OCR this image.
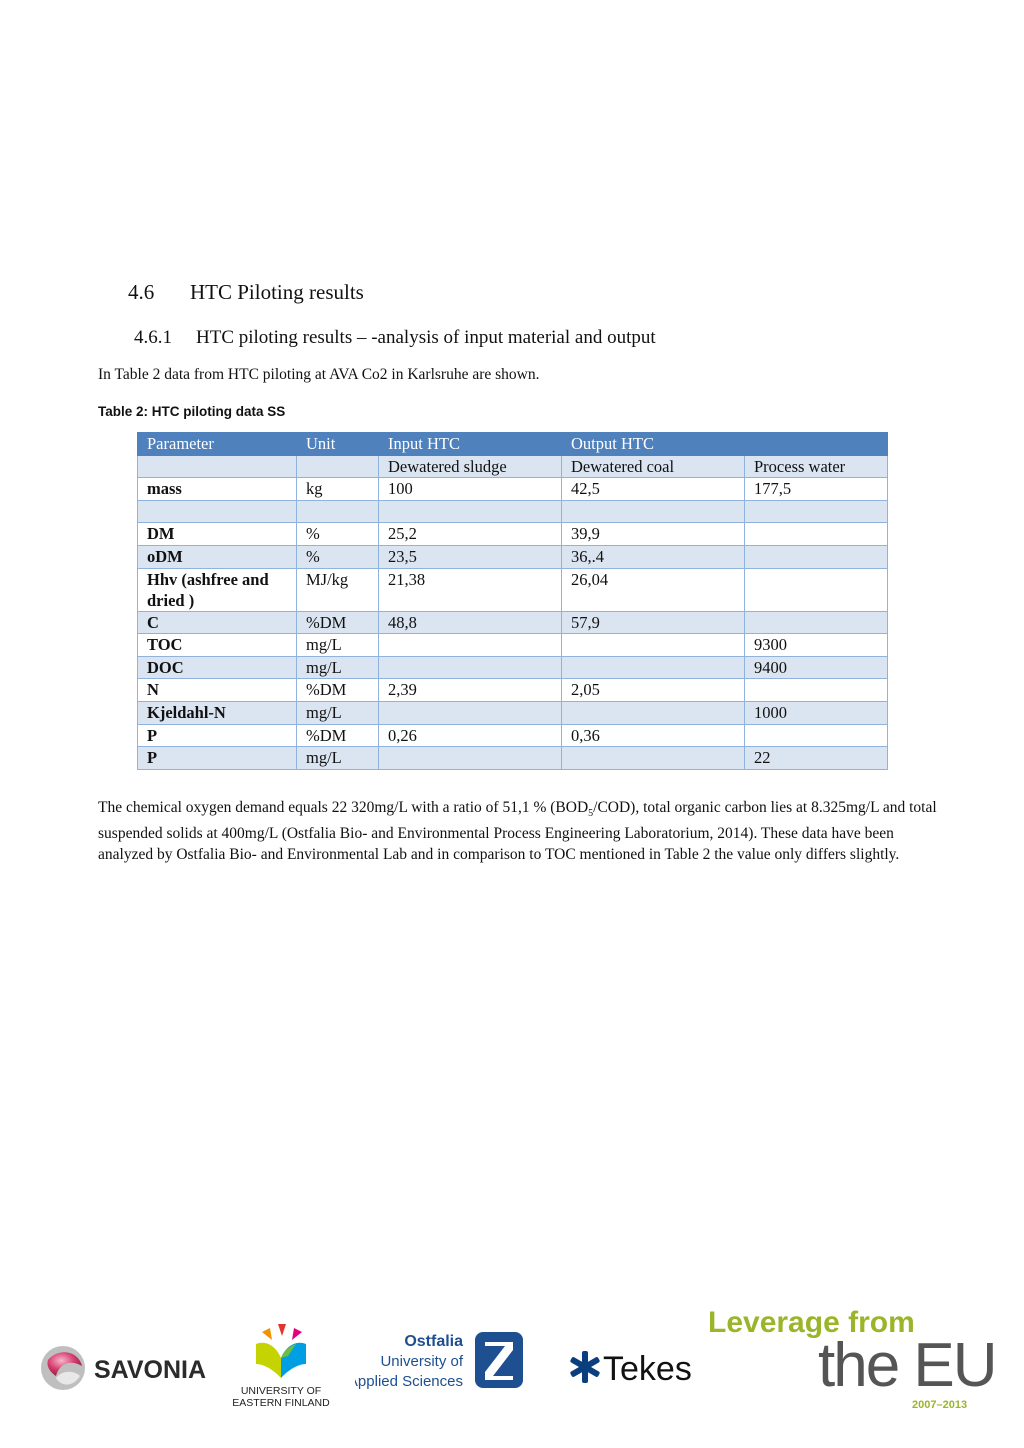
4.6 HTC Piloting results
4.6.1 HTC piloting results – -analysis of input material and output
In Table 2 data from HTC piloting at AVA Co2 in Karlsruhe are shown.
Table 2: HTC piloting data SS
Parameter	Unit	Input HTC	Output HTC	
		Dewatered sludge	Dewatered coal	Process water
mass	kg	100	42,5	177,5

DM	%	25,2	39,9	
oDM	%	23,5	36,.4	
Hhv (ashfree and dried )	MJ/kg	21,38	26,04	
C	%DM	48,8	57,9	
TOC	mg/L			9300
DOC	mg/L			9400
N	%DM	2,39	2,05	
Kjeldahl-N	mg/L			1000
P	%DM	0,26	0,36	
P	mg/L			22

The chemical oxygen demand equals 22 320mg/L with a ratio of 51,1 % $(BOD_5/COD)$, total organic carbon lies at 8.325mg/L and total suspended solids at 400mg/L (Ostfalia Bio- and Environmental Process Engineering Laboratorium, 2014). These data have been analyzed by Ostfalia Bio- and Environmental Lab and in comparison to TOC mentioned in Table 2 the value only differs slightly.

SAVONIA
UNIVERSITY OF
EASTERN FINLAND
Ostfalia
University of
Applied Sciences	Tekes
Leverage from
the EU
2007–2013
